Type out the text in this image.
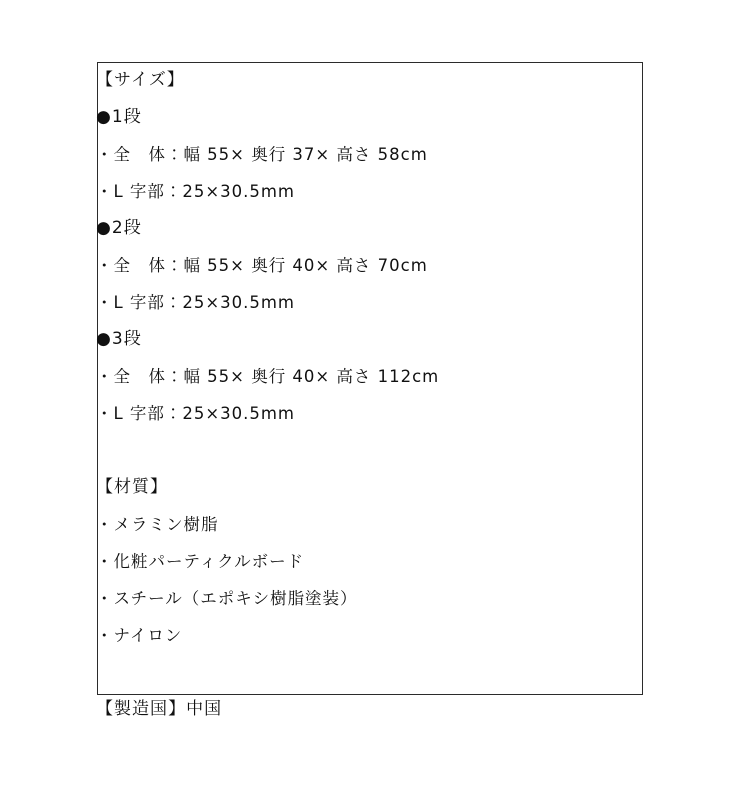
【サイズ】
●1段
・全　体：幅 55× 奥行 37× 高さ 58cm
・L 字部：25×30.5mm
●2段
・全　体：幅 55× 奥行 40× 高さ 70cm
・L 字部：25×30.5mm
●3段
・全　体：幅 55× 奥行 40× 高さ 112cm
・L 字部：25×30.5mm
【材質】
・メラミン樹脂
・化粧パーティクルボード
・スチール（エポキシ樹脂塗装）
・ナイロン
【製造国】中国
